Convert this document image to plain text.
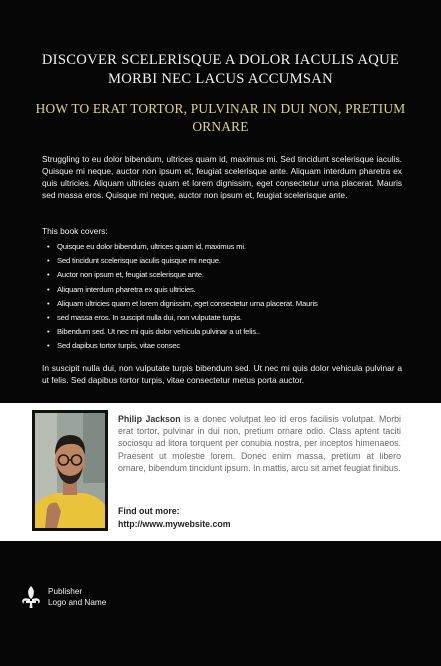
DISCOVER SCELERISQUE A DOLOR IACULIS AQUE MORBI NEC LACUS ACCUMSAN
HOW TO ERAT TORTOR, PULVINAR IN DUI NON, PRETIUM ORNARE

Struggling to eu dolor bibendum, ultrices quam id, maximus mi. Sed tincidunt scelerisque iaculis. Quisque mi neque, auctor non ipsum et, feugiat scelerisque ante. Aliquam interdum pharetra ex quis ultricies. Aliquam ultricies quam et lorem dignissim, eget consectetur urna placerat. Mauris sed massa eros. Quisque mi neque, auctor non ipsum et, feugiat scelerisque ante.

This book covers:
• Quisque eu dolor bibendum, ultrices quam id, maximus mi.
• Sed tincidunt scelerisque iaculis quisque mi neque.
• Auctor non ipsum et, feugiat scelerisque ante.
• Aliquam interdum pharetra ex quis ultricies.
• Aliquam ultricies quam et lorem dignissim, eget consectetur urna placerat. Mauris
• sed massa eros. In suscipit nulla dui, non vulputate turpis.
• Bibendum sed. Ut nec mi quis dolor vehicula pulvinar a ut felis..
• Sed dapibus tortor turpis, vitae consec

In suscipit nulla dui, non vulputate turpis bibendum sed. Ut nec mi quis dolor vehicula pulvinar a ut felis. Sed dapibus tortor turpis, vitae consectetur metus porta auctor.

Philip Jackson is a donec volutpat leo id eros facilisis volutpat. Morbi erat tortor, pulvinar in dui non, pretium ornare odio. Class aptent taciti sociosqu ad litora torquent per conubia nostra, per inceptos himenaeos. Praesent ut molestie lorem. Donec enim massa, pretium at libero ornare, bibendum tincidunt ipsum. In mattis, arcu sit amet feugiat finibus.

Find out more:
http://www.mywebsite.com
Publisher
Logo and Name
